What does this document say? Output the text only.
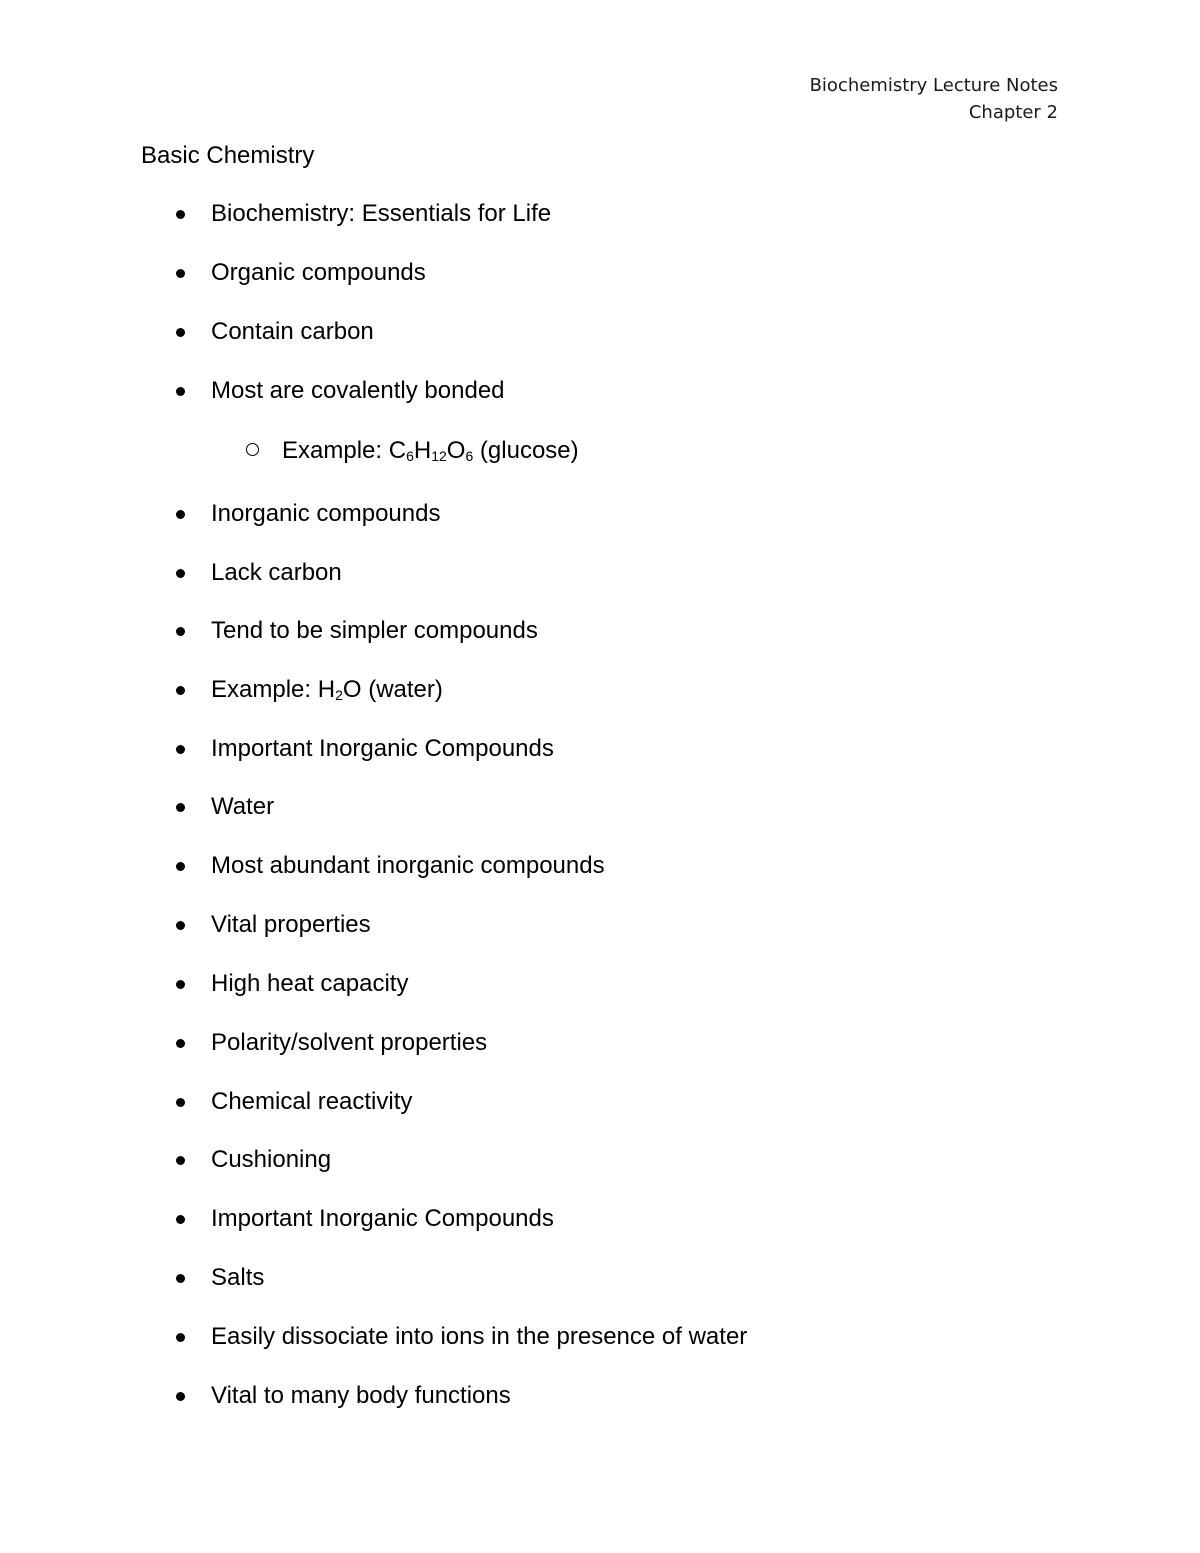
Biochemistry Lecture Notes
Chapter 2
Basic Chemistry
Biochemistry: Essentials for Life
Organic compounds
Contain carbon
Most are covalently bonded
Example: $C_6H_{12}O_6$ (glucose)
Inorganic compounds
Lack carbon
Tend to be simpler compounds
Example: $H_2O$ (water)
Important Inorganic Compounds
Water
Most abundant inorganic compounds
Vital properties
High heat capacity
Polarity/solvent properties
Chemical reactivity
Cushioning
Important Inorganic Compounds
Salts
Easily dissociate into ions in the presence of water
Vital to many body functions
